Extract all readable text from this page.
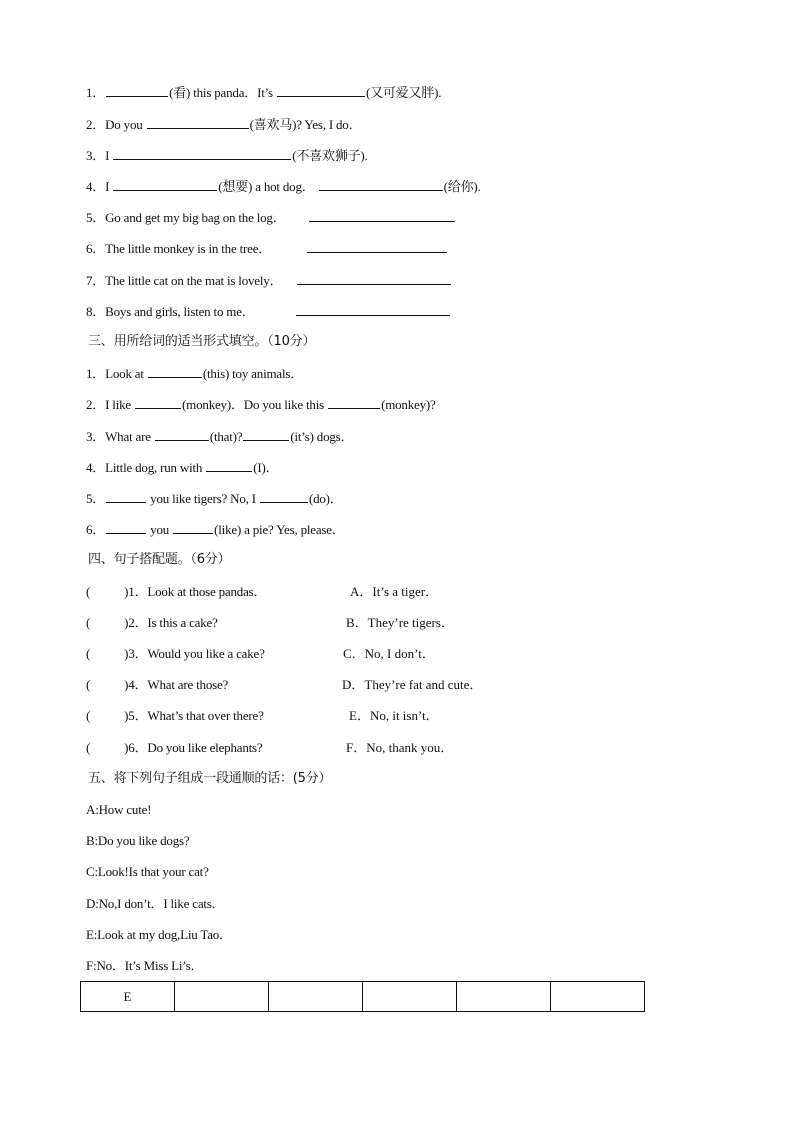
1．	(看) this panda．It’s	(又可爱又胖).
2．Do you	(喜欢马)? Yes, I do．
3．I	(不喜欢狮子).
4．I	(想要) a hot dog．	(给你).
5．Go and get my big bag on the log．
6．The little monkey is in the tree．
7．The little cat on the mat is lovely．
8．Boys and girls, listen to me．
三、用所给词的适当形式填空。（10分）
1．Look at	(this) toy animals．
2．I like	(monkey)．Do you like this	(monkey)?
3．What are	(that)?	(it’s) dogs．
4．Little dog, run with	(I)．
5．	you like tigers? No, I	(do)．
6．	you	(like) a pie? Yes, please．
四、句子搭配题。（6分）
(	)1．Look at those pandas．	A．It’s a tiger．
(	)2．Is this a cake?	B．They’re tigers．
(	)3．Would you like a cake?	C．No, I don’t．
(	)4．What are those?	D．They’re fat and cute．
(	)5．What’s that over there?	E．No, it isn’t．
(	)6．Do you like elephants?	F．No, thank you．
五、将下列句子组成一段通顺的话：(5分）
A:How cute!
B:Do you like dogs?
C:Look!Is that your cat?
D:No,I don’t．I like cats．
E:Look at my dog,Liu Tao．
F:No．It’s Miss Li’s．
E					
